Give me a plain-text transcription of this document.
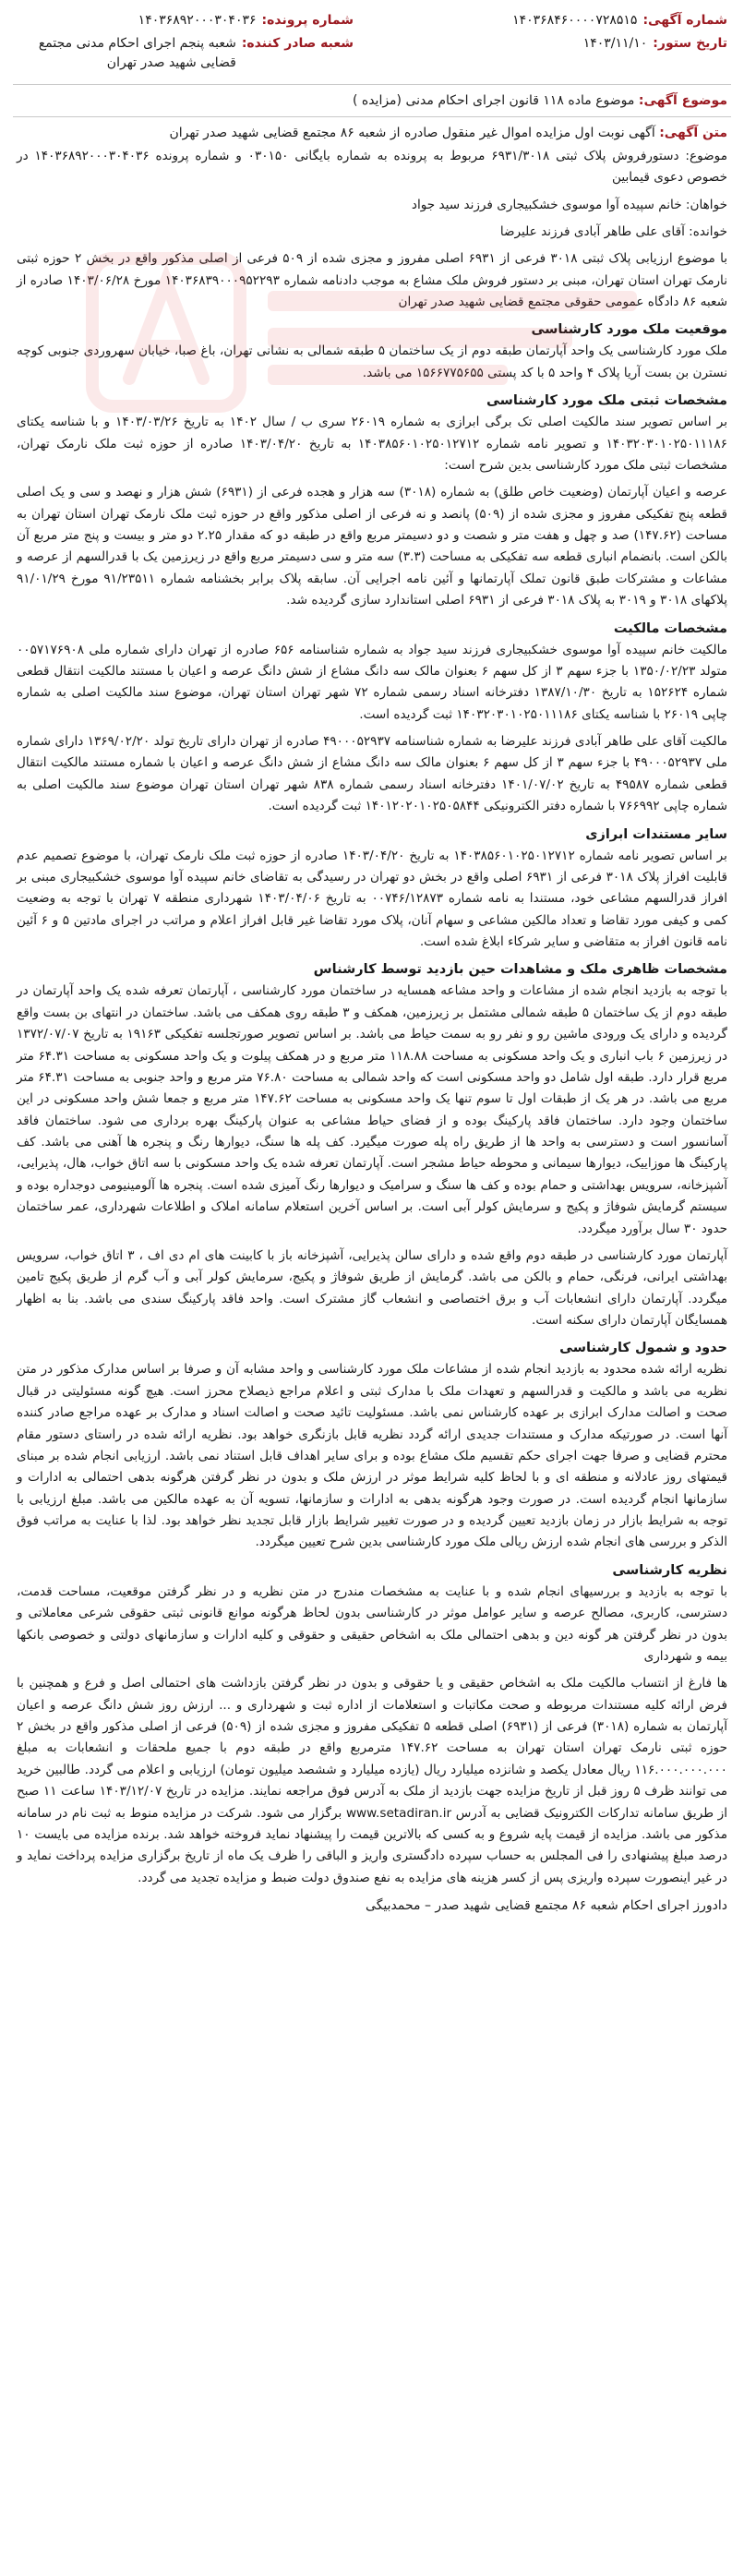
شماره آگهی:
۱۴۰۳۶۸۴۶۰۰۰۰۷۲۸۵۱۵
شماره پرونده:
۱۴۰۳۶۸۹۲۰۰۰۳۰۴۰۳۶
تاریخ ستور:
۱۴۰۳/۱۱/۱۰
شعبه صادر کننده:
شعبه پنجم اجرای احکام مدنی مجتمع قضایی شهید صدر تهران
موضوع آگهی: موضوع ماده ۱۱۸ قانون اجرای احکام مدنی (مزایده )
متن آگهی: آگهی نوبت اول مزایده اموال غیر منقول صادره از شعبه ۸۶ مجتمع قضایی شهید صدر تهران

موضوع: دستورفروش پلاک ثبتی ۶۹۳۱/۳۰۱۸ مربوط به پرونده به شماره بایگانی ۰۳۰۱۵۰ و شماره پرونده ۱۴۰۳۶۸۹۲۰۰۰۳۰۴۰۳۶ در خصوص دعوی قیمابین

خواهان: خانم سپیده آوا موسوی خشکبیجاری فرزند سید جواد

خوانده: آقای علی طاهر آبادی فرزند علیرضا

با موضوع ارزیابی پلاک ثبتی ۳۰۱۸ فرعی از ۶۹۳۱ اصلی مفروز و مجزی شده از ۵۰۹ فرعی از اصلی مذکور واقع در بخش ۲ حوزه ثبتی نارمک تهران استان تهران، مبنی بر دستور فروش ملک مشاع به موجب دادنامه شماره ۱۴۰۳۶۸۳۹۰۰۰۹۵۲۲۹۳ مورخ ۱۴۰۳/۰۶/۲۸ صادره از شعبه ۸۶ دادگاه عمومی حقوقی مجتمع قضایی شهید صدر تهران

موقعیت ملک مورد کارشناسی

ملک مورد کارشناسی یک واحد آپارتمان طبقه دوم از یک ساختمان ۵ طبقه شمالی به نشانی تهران، باغ صبا، خیابان سهروردی جنوبی کوچه نسترن بن بست آریا پلاک ۴ واحد ۵ با کد پستی ۱۵۶۶۷۷۵۶۵۵ می باشد.

مشخصات ثبتی ملک مورد کارشناسی

بر اساس تصویر سند مالکیت اصلی تک برگی ابرازی به شماره ۲۶۰۱۹ سری ب / سال ۱۴۰۲ به تاریخ ۱۴۰۳/۰۳/۲۶ و با شناسه یکتای ۱۴۰۳۲۰۳۰۱۰۲۵۰۱۱۱۸۶ و تصویر نامه شماره ۱۴۰۳۸۵۶۰۱۰۲۵۰۱۲۷۱۲ به تاریخ ۱۴۰۳/۰۴/۲۰ صادره از حوزه ثبت ملک نارمک تهران، مشخصات ثبتی ملک مورد کارشناسی بدین شرح است:

عرصه و اعیان آپارتمان (وضعیت خاص طلق) به شماره (۳۰۱۸) سه هزار و هجده فرعی از (۶۹۳۱) شش هزار و نهصد و سی و یک اصلی قطعه پنج تفکیکی مفروز و مجزی شده از (۵۰۹) پانصد و نه فرعی از اصلی مذکور واقع در حوزه ثبت ملک نارمک تهران استان تهران به مساحت (۱۴۷.۶۲) صد و چهل و هفت متر و شصت و دو دسیمتر مربع واقع در طبقه دو که مقدار ۲.۲۵ دو متر و بیست و پنج متر مربع آن بالکن است. بانضمام انباری قطعه سه تفکیکی به مساحت (۳.۳) سه متر و سی دسیمتر مربع واقع در زیرزمین یک با قدرالسهم از عرصه و مشاعات و مشترکات طبق قانون تملک آپارتمانها و آئین نامه اجرایی آن. سابقه پلاک برابر بخشنامه شماره ۹۱/۲۳۵۱۱ مورخ ۹۱/۰۱/۲۹ پلاکهای ۳۰۱۸ و ۳۰۱۹ به پلاک ۳۰۱۸ فرعی از ۶۹۳۱ اصلی استاندارد سازی گردیده شد.

مشخصات مالکیت

مالکیت خانم سپیده آوا موسوی خشکبیجاری فرزند سید جواد به شماره شناسنامه ۶۵۶ صادره از تهران دارای شماره ملی ۰۰۵۷۱۷۶۹۰۸ متولد ۱۳۵۰/۰۲/۲۳ با جزء سهم ۳ از کل سهم ۶ بعنوان مالک سه دانگ مشاع از شش دانگ عرصه و اعیان با مستند مالکیت انتقال قطعی شماره ۱۵۲۶۲۴ به تاریخ ۱۳۸۷/۱۰/۳۰ دفترخانه اسناد رسمی شماره ۷۲ شهر تهران استان تهران، موضوع سند مالکیت اصلی به شماره چاپی ۲۶۰۱۹ با شناسه یکتای ۱۴۰۳۲۰۳۰۱۰۲۵۰۱۱۱۸۶ ثبت گردیده است.

مالکیت آقای علی طاهر آبادی فرزند علیرضا به شماره شناسنامه ۴۹۰۰۰۵۲۹۳۷ صادره از تهران دارای تاریخ تولد ۱۳۶۹/۰۲/۲۰ دارای شماره ملی ۴۹۰۰۰۵۲۹۳۷ با جزء سهم ۳ از کل سهم ۶ بعنوان مالک سه دانگ مشاع از شش دانگ عرصه و اعیان با شماره مستند مالکیت انتقال قطعی شماره ۴۹۵۸۷ به تاریخ ۱۴۰۱/۰۷/۰۲ دفترخانه اسناد رسمی شماره ۸۳۸ شهر تهران استان تهران موضوع سند مالکیت اصلی به شماره چاپی ۷۶۶۹۹۲ با شماره دفتر الکترونیکی ۱۴۰۱۲۰۲۰۱۰۲۵۰۵۸۴۴ ثبت گردیده است.

سایر مستندات ابرازی

بر اساس تصویر نامه شماره ۱۴۰۳۸۵۶۰۱۰۲۵۰۱۲۷۱۲ به تاریخ ۱۴۰۳/۰۴/۲۰ صادره از حوزه ثبت ملک نارمک تهران، با موضوع تصمیم عدم قابلیت افراز پلاک ۳۰۱۸ فرعی از ۶۹۳۱ اصلی واقع در بخش دو تهران در رسیدگی به تقاضای خانم سپیده آوا موسوی خشکبیجاری مبنی بر افراز قدرالسهم مشاعی خود، مستندا به نامه شماره ۰۰۷۴۶/۱۲۸۷۳ به تاریخ ۱۴۰۳/۰۴/۰۶ شهرداری منطقه ۷ تهران با توجه به وضعیت کمی و کیفی مورد تقاضا و تعداد مالکین مشاعی و سهام آنان، پلاک مورد تقاضا غیر قابل افراز اعلام و مراتب در اجرای مادتین ۵ و ۶ آئین نامه قانون افراز به متقاضی و سایر شرکاء ابلاغ شده است.

مشخصات ظاهری ملک و مشاهدات حین بازدید توسط کارشناس

با توجه به بازدید انجام شده از مشاعات و واحد مشاعه همسایه در ساختمان مورد کارشناسی ، آپارتمان تعرفه شده یک واحد آپارتمان در طبقه دوم از یک ساختمان ۵ طبقه شمالی مشتمل بر زیرزمین، همکف و ۳ طبقه روی همکف می باشد. ساختمان در انتهای بن بست واقع گردیده و دارای یک ورودی ماشین رو و نفر رو به سمت حیاط می باشد. بر اساس تصویر صورتجلسه تفکیکی ۱۹۱۶۳ به تاریخ ۱۳۷۲/۰۷/۰۷ در زیرزمین ۶ باب انباری و یک واحد مسکونی به مساحت ۱۱۸.۸۸ متر مربع و در همکف پیلوت و یک واحد مسکونی به مساحت ۶۴.۳۱ متر مربع قرار دارد. طبقه اول شامل دو واحد مسکونی است که واحد شمالی به مساحت ۷۶.۸۰ متر مربع و واحد جنوبی به مساحت ۶۴.۳۱ متر مربع می باشد. در هر یک از طبقات اول تا سوم تنها یک واحد مسکونی به مساحت ۱۴۷.۶۲ متر مربع و جمعا شش واحد مسکونی در این ساختمان وجود دارد. ساختمان فاقد پارکینگ بوده و از فضای حیاط مشاعی به عنوان پارکینگ بهره برداری می شود. ساختمان فاقد آسانسور است و دسترسی به واحد ها از طریق راه پله صورت میگیرد. کف پله ها سنگ، دیوارها رنگ و پنجره ها آهنی می باشد. کف پارکینگ ها موزاییک، دیوارها سیمانی و محوطه حیاط مشجر است. آپارتمان تعرفه شده یک واحد مسکونی با سه اتاق خواب، هال، پذیرایی، آشپزخانه، سرویس بهداشتی و حمام بوده و کف ها سنگ و سرامیک و دیوارها رنگ آمیزی شده است. پنجره ها آلومینیومی دوجداره بوده و سیستم گرمایش شوفاژ و پکیج و سرمایش کولر آبی است. بر اساس آخرین استعلام سامانه املاک و اطلاعات شهرداری، عمر ساختمان حدود ۳۰ سال برآورد میگردد.

آپارتمان مورد کارشناسی در طبقه دوم واقع شده و دارای سالن پذیرایی، آشپزخانه باز با کابینت های ام دی اف ، ۳ اتاق خواب، سرویس بهداشتی ایرانی، فرنگی، حمام و بالکن می باشد. گرمایش از طریق شوفاژ و پکیج، سرمایش کولر آبی و آب گرم از طریق پکیج تامین میگردد. آپارتمان دارای انشعابات آب و برق اختصاصی و انشعاب گاز مشترک است. واحد فاقد پارکینگ سندی می باشد. بنا به اظهار همسایگان آپارتمان دارای سکنه است.

حدود و شمول کارشناسی

نظریه ارائه شده محدود به بازدید انجام شده از مشاعات ملک مورد کارشناسی و واحد مشابه آن و صرفا بر اساس مدارک مذکور در متن نظریه می باشد و مالکیت و قدرالسهم و تعهدات ملک با مدارک ثبتی و اعلام مراجع ذیصلاح محرز است. هیچ گونه مسئولیتی در قبال صحت و اصالت مدارک ابرازی بر عهده کارشناس نمی باشد. مسئولیت تائید صحت و اصالت اسناد و مدارک بر عهده مراجع صادر کننده آنها است. در صورتیکه مدارک و مستندات جدیدی ارائه گردد نظریه قابل بازنگری خواهد بود. نظریه ارائه شده در راستای دستور مقام محترم قضایی و صرفا جهت اجرای حکم تقسیم ملک مشاع بوده و برای سایر اهداف قابل استناد نمی باشد. ارزیابی انجام شده بر مبنای قیمتهای روز عادلانه و منطقه ای و با لحاظ کلیه شرایط موثر در ارزش ملک و بدون در نظر گرفتن هرگونه بدهی احتمالی به ادارات و سازمانها انجام گردیده است. در صورت وجود هرگونه بدهی به ادارات و سازمانها، تسویه آن به عهده مالکین می باشد. مبلغ ارزیابی با توجه به شرایط بازار در زمان بازدید تعیین گردیده و در صورت تغییر شرایط بازار قابل تجدید نظر خواهد بود. لذا با عنایت به مراتب فوق الذکر و بررسی های انجام شده ارزش ریالی ملک مورد کارشناسی بدین شرح تعیین میگردد.

نظریه کارشناسی

با توجه به بازدید و بررسیهای انجام شده و با عنایت به مشخصات مندرج در متن نظریه و در نظر گرفتن موقعیت، مساحت قدمت، دسترسی، کاربری، مصالح عرصه و سایر عوامل موثر در کارشناسی بدون لحاظ هرگونه موانع قانونی ثبتی حقوقی شرعی معاملاتی و بدون در نظر گرفتن هر گونه دین و بدهی احتمالی ملک به اشخاص حقیقی و حقوقی و کلیه ادارات و سازمانهای دولتی و خصوصی بانکها بیمه و شهرداری

ها فارغ از انتساب مالکیت ملک به اشخاص حقیقی و یا حقوقی و بدون در نظر گرفتن بازداشت های احتمالی اصل و فرع و همچنین با فرض ارائه کلیه مستندات مربوطه و صحت مکاتبات و استعلامات از اداره ثبت و شهرداری و ... ارزش روز شش دانگ عرصه و اعیان آپارتمان به شماره (۳۰۱۸) فرعی از (۶۹۳۱) اصلی قطعه ۵ تفکیکی مفروز و مجزی شده از (۵۰۹) فرعی از اصلی مذکور واقع در بخش ۲ حوزه ثبتی نارمک تهران استان تهران به مساحت ۱۴۷.۶۲ مترمربع واقع در طبقه دوم با جمیع ملحقات و انشعابات به مبلغ ۱۱۶.۰۰۰.۰۰۰.۰۰۰ ریال معادل یکصد و شانزده میلیارد ریال (یازده میلیارد و ششصد میلیون تومان) ارزیابی و اعلام می گردد. طالبین خرید می توانند ظرف ۵ روز قبل از تاریخ مزایده جهت بازدید از ملک به آدرس فوق مراجعه نمایند. مزایده در تاریخ ۱۴۰۳/۱۲/۰۷ ساعت ۱۱ صبح از طریق سامانه تدارکات الکترونیک قضایی به آدرس www.setadiran.ir برگزار می شود. شرکت در مزایده منوط به ثبت نام در سامانه مذکور می باشد. مزایده از قیمت پایه شروع و به کسی که بالاترین قیمت را پیشنهاد نماید فروخته خواهد شد. برنده مزایده می بایست ۱۰ درصد مبلغ پیشنهادی را فی المجلس به حساب سپرده دادگستری واریز و الباقی را ظرف یک ماه از تاریخ برگزاری مزایده پرداخت نماید و در غیر اینصورت سپرده واریزی پس از کسر هزینه های مزایده به نفع صندوق دولت ضبط و مزایده تجدید می گردد.

دادورز اجرای احکام شعبه ۸۶ مجتمع قضایی شهید صدر – محمدبیگی
